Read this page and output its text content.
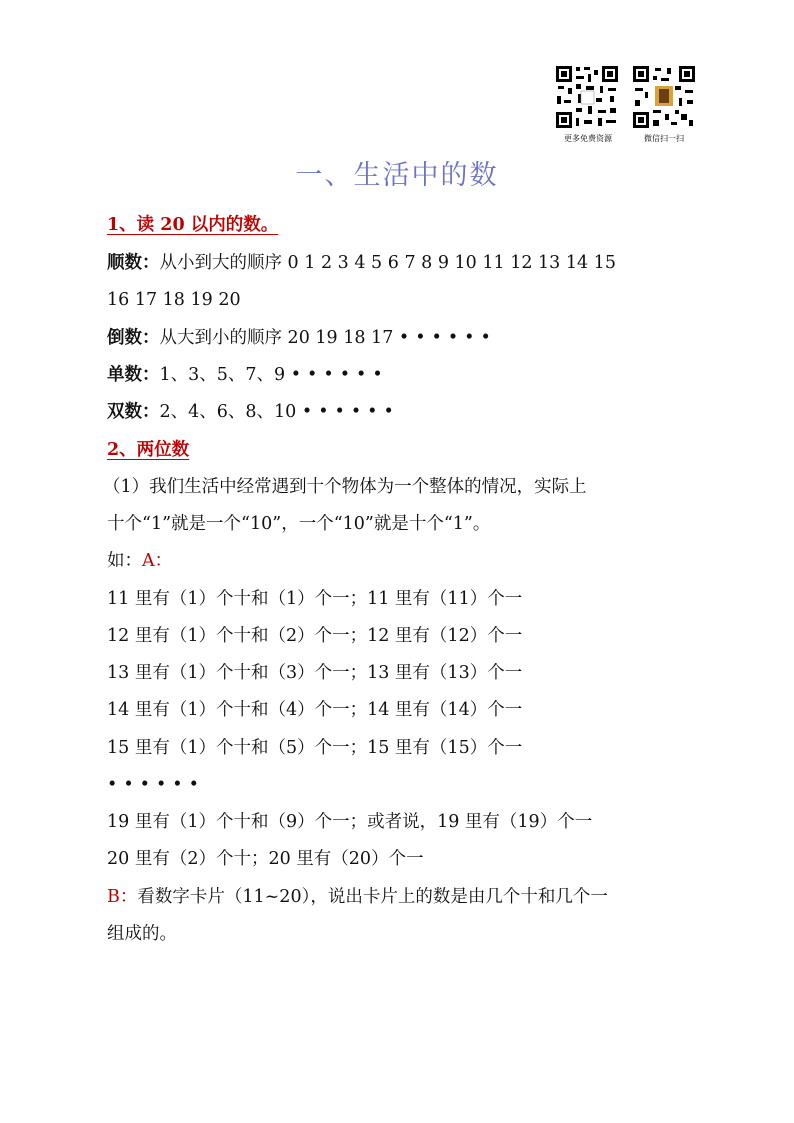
更多免费资源	微信扫一扫
一、生活中的数
1、读 20 以内的数。
顺数：从小到大的顺序 0 1 2 3 4 5 6 7 8 9 10 11 12 13 14 15
16 17 18 19 20
倒数：从大到小的顺序 20 19 18 17 ••••••
单数：1、3、5、7、9 ••••••
双数：2、4、6、8、10 ••••••
2、两位数
（1）我们生活中经常遇到十个物体为一个整体的情况，实际上
十个“1”就是一个“10”，一个“10”就是十个“1”。
如：A：
11 里有（1）个十和（1）个一；11 里有（11）个一
12 里有（1）个十和（2）个一；12 里有（12）个一
13 里有（1）个十和（3）个一；13 里有（13）个一
14 里有（1）个十和（4）个一；14 里有（14）个一
15 里有（1）个十和（5）个一；15 里有（15）个一
••••••
19 里有（1）个十和（9）个一；或者说，19 里有（19）个一
20 里有（2）个十；20 里有（20）个一
B：看数字卡片（11~20），说出卡片上的数是由几个十和几个一
组成的。
